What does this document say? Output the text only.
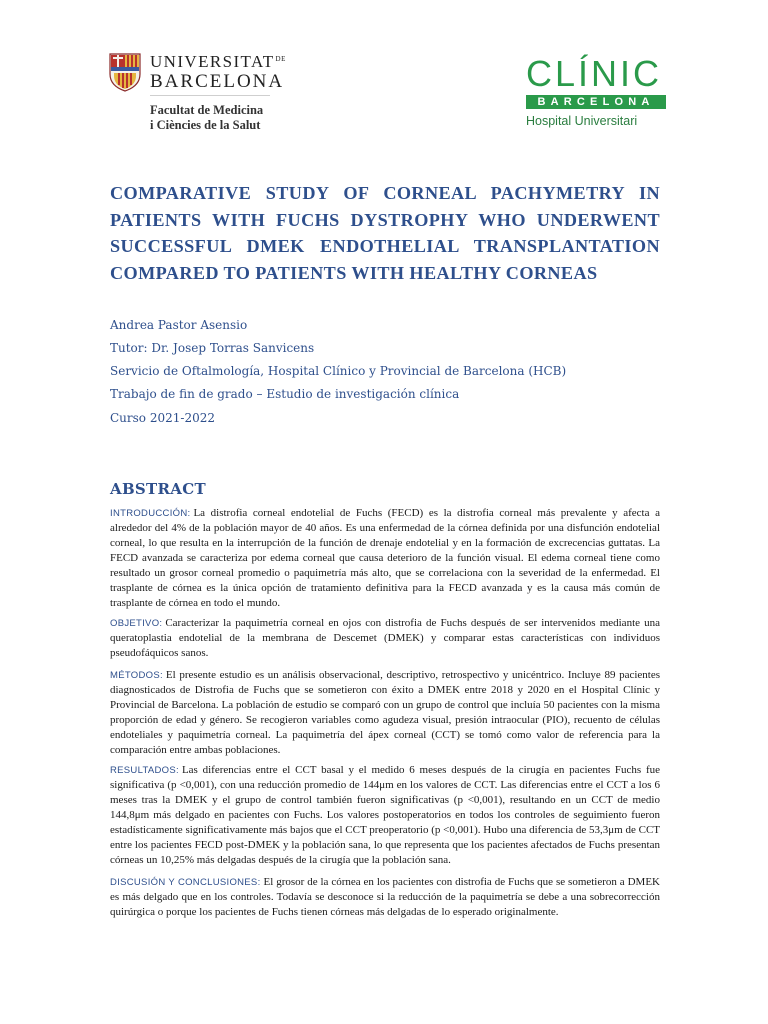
$UNIVERSITAT^{DE}$
BARCELONA
Facultat de Medicina
i Ciències de la Salut
CLÍNIC
BARCELONA
Hospital Universitari
COMPARATIVE STUDY OF CORNEAL PACHYMETRY IN PATIENTS WITH FUCHS DYSTROPHY WHO UNDERWENT SUCCESSFUL DMEK ENDOTHELIAL TRANSPLANTATION COMPARED TO PATIENTS WITH HEALTHY CORNEAS

Andrea Pastor Asensio

Tutor: Dr. Josep Torras Sanvicens

Servicio de Oftalmología, Hospital Clínico y Provincial de Barcelona (HCB)

Trabajo de fin de grado – Estudio de investigación clínica

Curso 2021-2022

ABSTRACT

INTRODUCCIÓN: La distrofia corneal endotelial de Fuchs (FECD) es la distrofia corneal más prevalente y afecta a alrededor del 4% de la población mayor de 40 años. Es una enfermedad de la córnea definida por una disfunción endotelial corneal, lo que resulta en la interrupción de la función de drenaje endotelial y en la formación de excrecencias guttatas. La FECD avanzada se caracteriza por edema corneal que causa deterioro de la función visual. El edema corneal tiene como resultado un grosor corneal promedio o paquimetría más alto, que se correlaciona con la severidad de la enfermedad. El trasplante de córnea es la única opción de tratamiento definitiva para la FECD avanzada y es la causa más común de trasplante de córnea en todo el mundo.

OBJETIVO: Caracterizar la paquimetría corneal en ojos con distrofia de Fuchs después de ser intervenidos mediante una queratoplastia endotelial de la membrana de Descemet (DMEK) y comparar estas características con individuos pseudofáquicos sanos.

MÉTODOS: El presente estudio es un análisis observacional, descriptivo, retrospectivo y unicéntrico. Incluye 89 pacientes diagnosticados de Distrofia de Fuchs que se sometieron con éxito a DMEK entre 2018 y 2020 en el Hospital Clínic y Provincial de Barcelona. La población de estudio se comparó con un grupo de control que incluía 50 pacientes con la misma proporción de edad y género. Se recogieron variables como agudeza visual, presión intraocular (PIO), recuento de células endoteliales y paquimetría corneal. La paquimetría del ápex corneal (CCT) se tomó como valor de referencia para la comparación entre ambas poblaciones.

RESULTADOS: Las diferencias entre el CCT basal y el medido 6 meses después de la cirugía en pacientes Fuchs fue significativa (p <0,001), con una reducción promedio de 144μm en los valores de CCT. Las diferencias entre el CCT a los 6 meses tras la DMEK y el grupo de control también fueron significativas (p <0,001), resultando en un CCT de medio 144,8μm más delgado en pacientes con Fuchs. Los valores postoperatorios en todos los controles de seguimiento fueron estadísticamente significativamente más bajos que el CCT preoperatorio (p <0,001). Hubo una diferencia de 53,3μm de CCT entre los pacientes FECD post-DMEK y la población sana, lo que representa que los pacientes afectados de Fuchs presentan córneas un 10,25% más delgadas después de la cirugía que la población sana.

DISCUSIÓN Y CONCLUSIONES: El grosor de la córnea en los pacientes con distrofia de Fuchs que se sometieron a DMEK es más delgado que en los controles. Todavía se desconoce si la reducción de la paquimetría se debe a una sobrecorrección quirúrgica o porque los pacientes de Fuchs tienen córneas más delgadas de lo esperado originalmente.
